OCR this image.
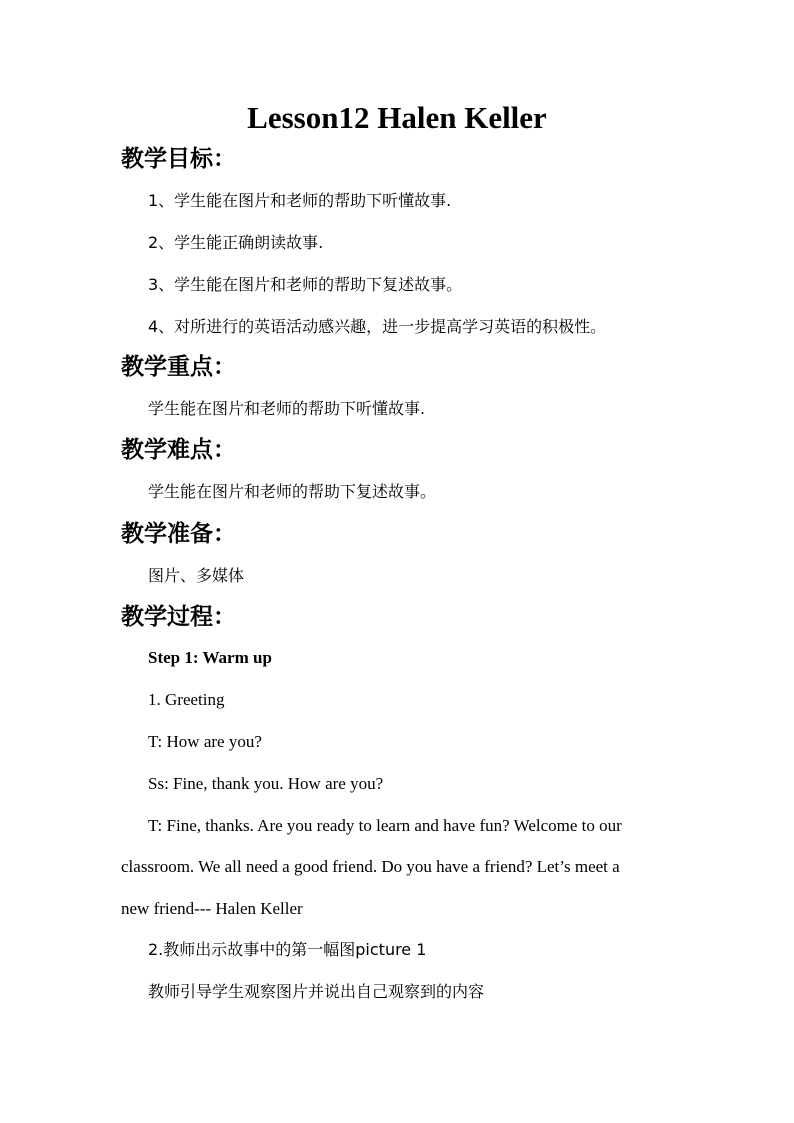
Lesson12 Halen Keller
教学目标：
1、学生能在图片和老师的帮助下听懂故事.
2、学生能正确朗读故事.
3、学生能在图片和老师的帮助下复述故事。
4、对所进行的英语活动感兴趣，进一步提高学习英语的积极性。
教学重点：
学生能在图片和老师的帮助下听懂故事.
教学难点：
学生能在图片和老师的帮助下复述故事。
教学准备：
图片、多媒体
教学过程：
Step 1: Warm up
1. Greeting
T: How are you?
Ss: Fine, thank you. How are you?
T: Fine, thanks. Are you ready to learn and have fun? Welcome to our
classroom. We all need a good friend. Do you have a friend? Let’s meet a
new friend--- Halen Keller
2.教师出示故事中的第一幅图picture 1
教师引导学生观察图片并说出自己观察到的内容
